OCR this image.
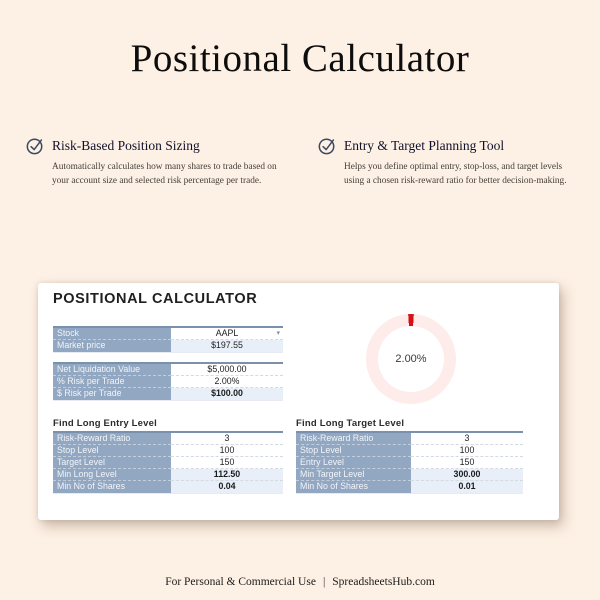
Positional Calculator
Risk-Based Position Sizing
Automatically calculates how many shares to trade based on your account size and selected risk percentage per trade.
Entry & Target Planning Tool
Helps you define optimal entry, stop-loss, and target levels using a chosen risk-reward ratio for better decision-making.
POSITIONAL CALCULATOR
Stock	AAPL	▾
Market price	$197.55
Net Liquidation Value	$5,000.00
% Risk per Trade	2.00%
$ Risk per Trade	$100.00
2.00%
Find Long Entry Level
Risk-Reward Ratio	3
Stop Level	100
Target Level	150
Min Long Level	112.50
Min No of Shares	0.04
Find Long Target Level
Risk-Reward Ratio	3
Stop Level	100
Entry Level	150
Min Target Level	300.00
Min No of Shares	0.01
For Personal & Commercial Use | SpreadsheetsHub.com
